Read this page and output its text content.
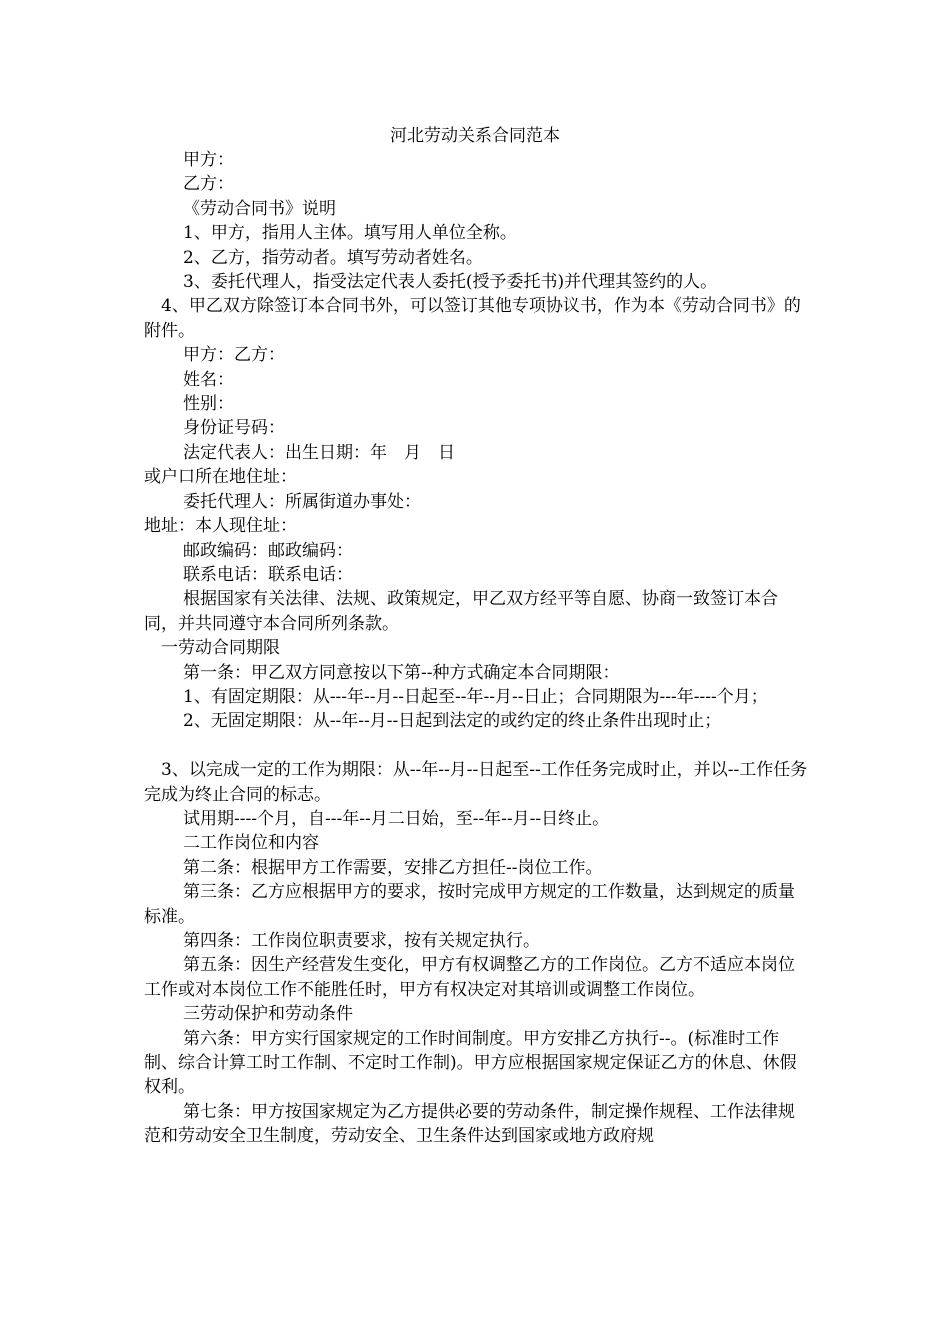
河北劳动关系合同范本

甲方：

乙方：

《劳动合同书》说明

1、甲方，指用人主体。填写用人单位全称。

2、乙方，指劳动者。填写劳动者姓名。

3、委托代理人，指受法定代表人委托(授予委托书)并代理其签约的人。

4、甲乙双方除签订本合同书外，可以签订其他专项协议书，作为本《劳动合同书》的附件。

甲方：乙方：

姓名：

性别：

身份证号码：

法定代表人：出生日期：年　月　日

或户口所在地住址：

委托代理人：所属街道办事处：

地址：本人现住址：

邮政编码：邮政编码：

联系电话：联系电话：

根据国家有关法律、法规、政策规定，甲乙双方经平等自愿、协商一致签订本合同，并共同遵守本合同所列条款。

一劳动合同期限

第一条：甲乙双方同意按以下第--种方式确定本合同期限：

1、有固定期限：从---年--月--日起至--年--月--日止；合同期限为---年----个月；

2、无固定期限：从--年--月--日起到法定的或约定的终止条件出现时止；

3、以完成一定的工作为期限：从--年--月--日起至--工作任务完成时止，并以--工作任务完成为终止合同的标志。

试用期----个月，自---年--月二日始，至--年--月--日终止。

二工作岗位和内容

第二条：根据甲方工作需要，安排乙方担任--岗位工作。

第三条：乙方应根据甲方的要求，按时完成甲方规定的工作数量，达到规定的质量标准。

第四条：工作岗位职责要求，按有关规定执行。

第五条：因生产经营发生变化，甲方有权调整乙方的工作岗位。乙方不适应本岗位工作或对本岗位工作不能胜任时，甲方有权决定对其培训或调整工作岗位。

三劳动保护和劳动条件

第六条：甲方实行国家规定的工作时间制度。甲方安排乙方执行--。(标准时工作制、综合计算工时工作制、不定时工作制)。甲方应根据国家规定保证乙方的休息、休假权利。

第七条：甲方按国家规定为乙方提供必要的劳动条件，制定操作规程、工作法律规范和劳动安全卫生制度，劳动安全、卫生条件达到国家或地方政府规
